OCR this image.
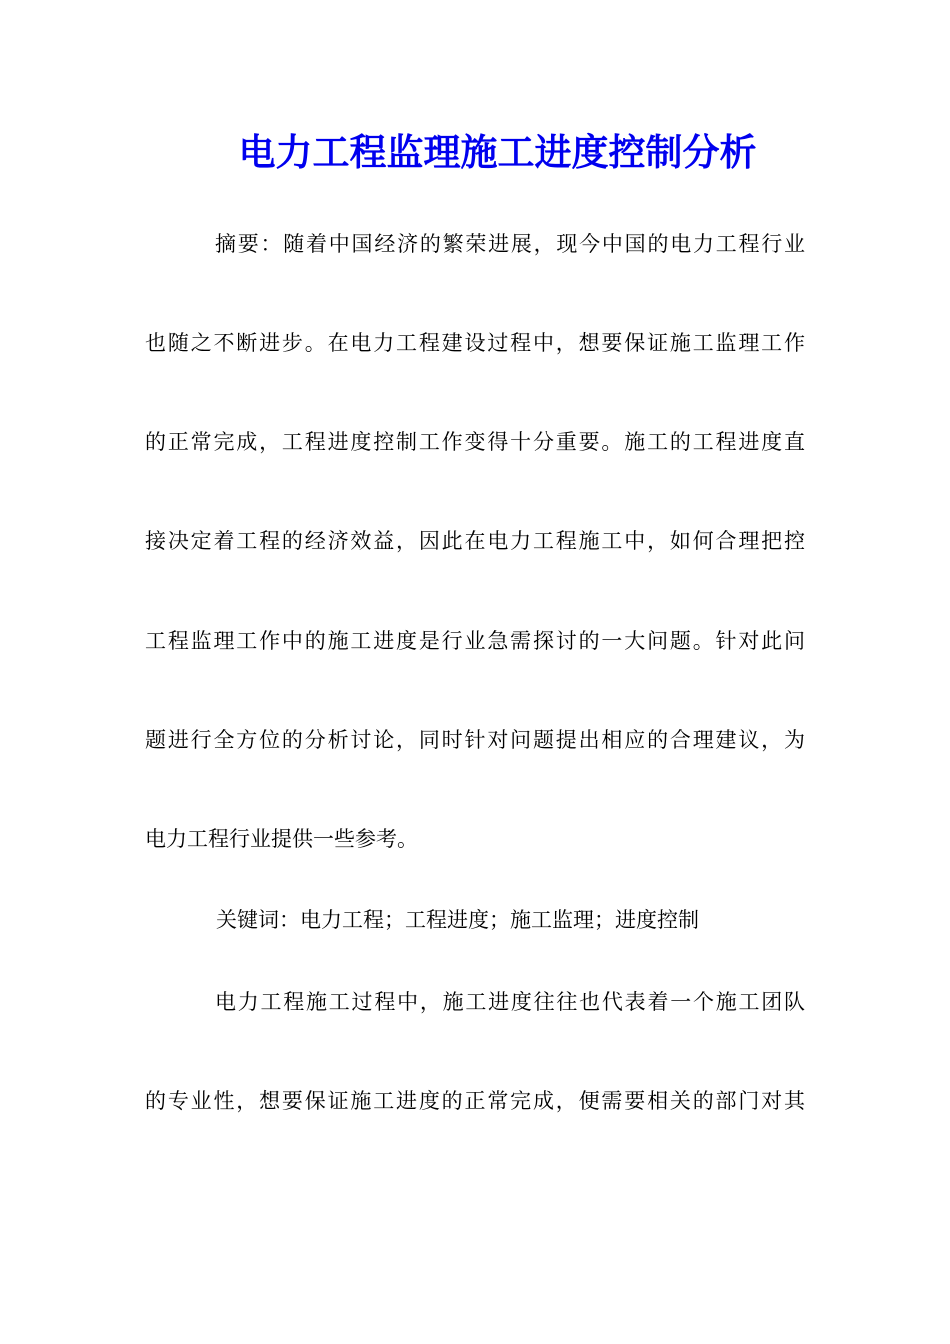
电力工程监理施工进度控制分析
摘要：随着中国经济的繁荣进展，现今中国的电力工程行业
也随之不断进步。在电力工程建设过程中，想要保证施工监理工作
的正常完成，工程进度控制工作变得十分重要。施工的工程进度直
接决定着工程的经济效益，因此在电力工程施工中，如何合理把控
工程监理工作中的施工进度是行业急需探讨的一大问题。针对此问
题进行全方位的分析讨论，同时针对问题提出相应的合理建议，为
电力工程行业提供一些参考。
关键词：电力工程；工程进度；施工监理；进度控制
电力工程施工过程中，施工进度往往也代表着一个施工团队
的专业性，想要保证施工进度的正常完成，便需要相关的部门对其
